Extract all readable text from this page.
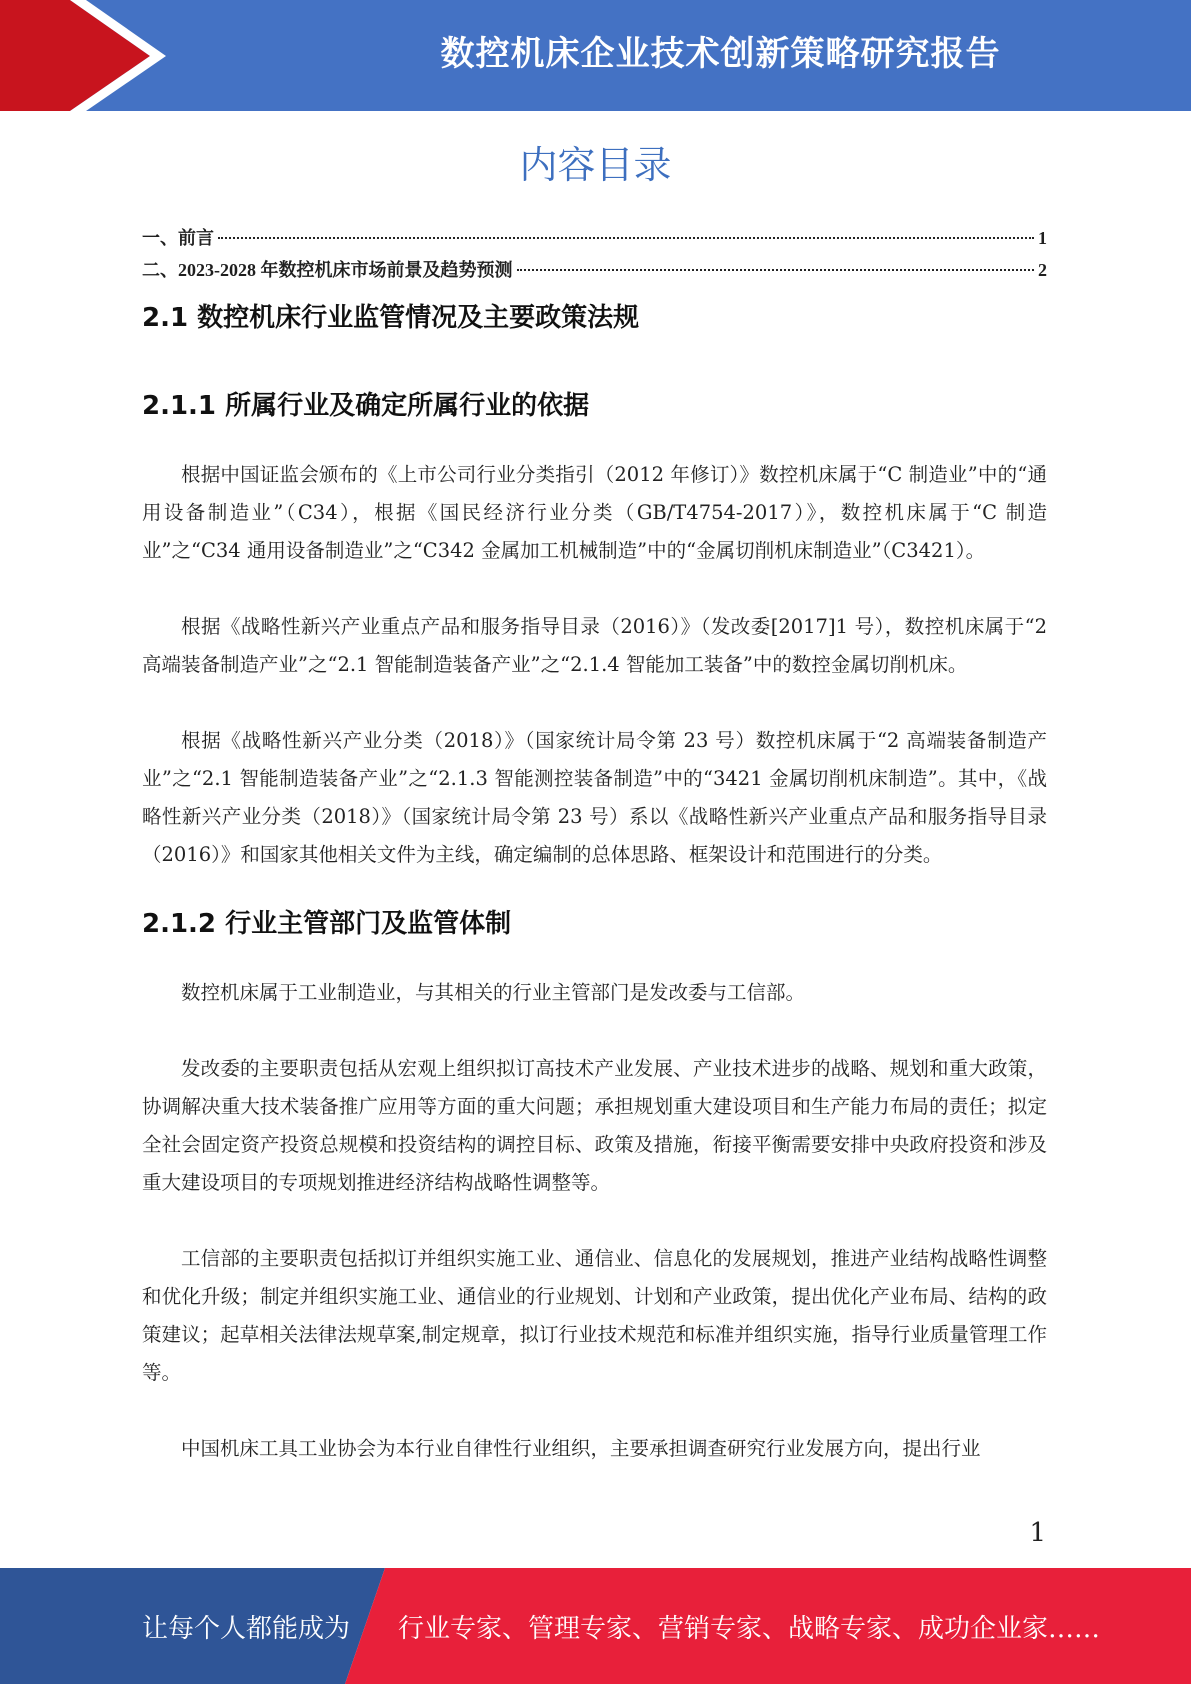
数控机床企业技术创新策略研究报告
内容目录
一、前言	1
二、2023-2028 年数控机床市场前景及趋势预测	2
2.1 数控机床行业监管情况及主要政策法规
2.1.1 所属行业及确定所属行业的依据

根据中国证监会颁布的《上市公司行业分类指引（2012 年修订）》数控机床属于“C 制造业”中的“通用设备制造业”（C34），根据《国民经济行业分类（GB/T4754-2017）》，数控机床属于“C 制造业”之“C34 通用设备制造业”之“C342 金属加工机械制造”中的“金属切削机床制造业”（C3421）。

根据《战略性新兴产业重点产品和服务指导目录（2016）》（发改委[2017]1 号），数控机床属于“2 高端装备制造产业”之“2.1 智能制造装备产业”之“2.1.4 智能加工装备”中的数控金属切削机床。

根据《战略性新兴产业分类（2018）》（国家统计局令第 23 号）数控机床属于“2 高端装备制造产业”之“2.1 智能制造装备产业”之“2.1.3 智能测控装备制造”中的“3421 金属切削机床制造”。其中，《战略性新兴产业分类（2018）》（国家统计局令第 23 号）系以《战略性新兴产业重点产品和服务指导目录（2016）》和国家其他相关文件为主线，确定编制的总体思路、框架设计和范围进行的分类。

2.1.2 行业主管部门及监管体制

数控机床属于工业制造业，与其相关的行业主管部门是发改委与工信部。

发改委的主要职责包括从宏观上组织拟订高技术产业发展、产业技术进步的战略、规划和重大政策，协调解决重大技术装备推广应用等方面的重大问题；承担规划重大建设项目和生产能力布局的责任；拟定全社会固定资产投资总规模和投资结构的调控目标、政策及措施，衔接平衡需要安排中央政府投资和涉及重大建设项目的专项规划推进经济结构战略性调整等。

工信部的主要职责包括拟订并组织实施工业、通信业、信息化的发展规划，推进产业结构战略性调整和优化升级；制定并组织实施工业、通信业的行业规划、计划和产业政策，提出优化产业布局、结构的政策建议；起草相关法律法规草案,制定规章，拟订行业技术规范和标准并组织实施，指导行业质量管理工作等。

中国机床工具工业协会为本行业自律性行业组织，主要承担调查研究行业发展方向，提出行业

1
让每个人都能成为 行业专家、管理专家、营销专家、战略专家、成功企业家……
